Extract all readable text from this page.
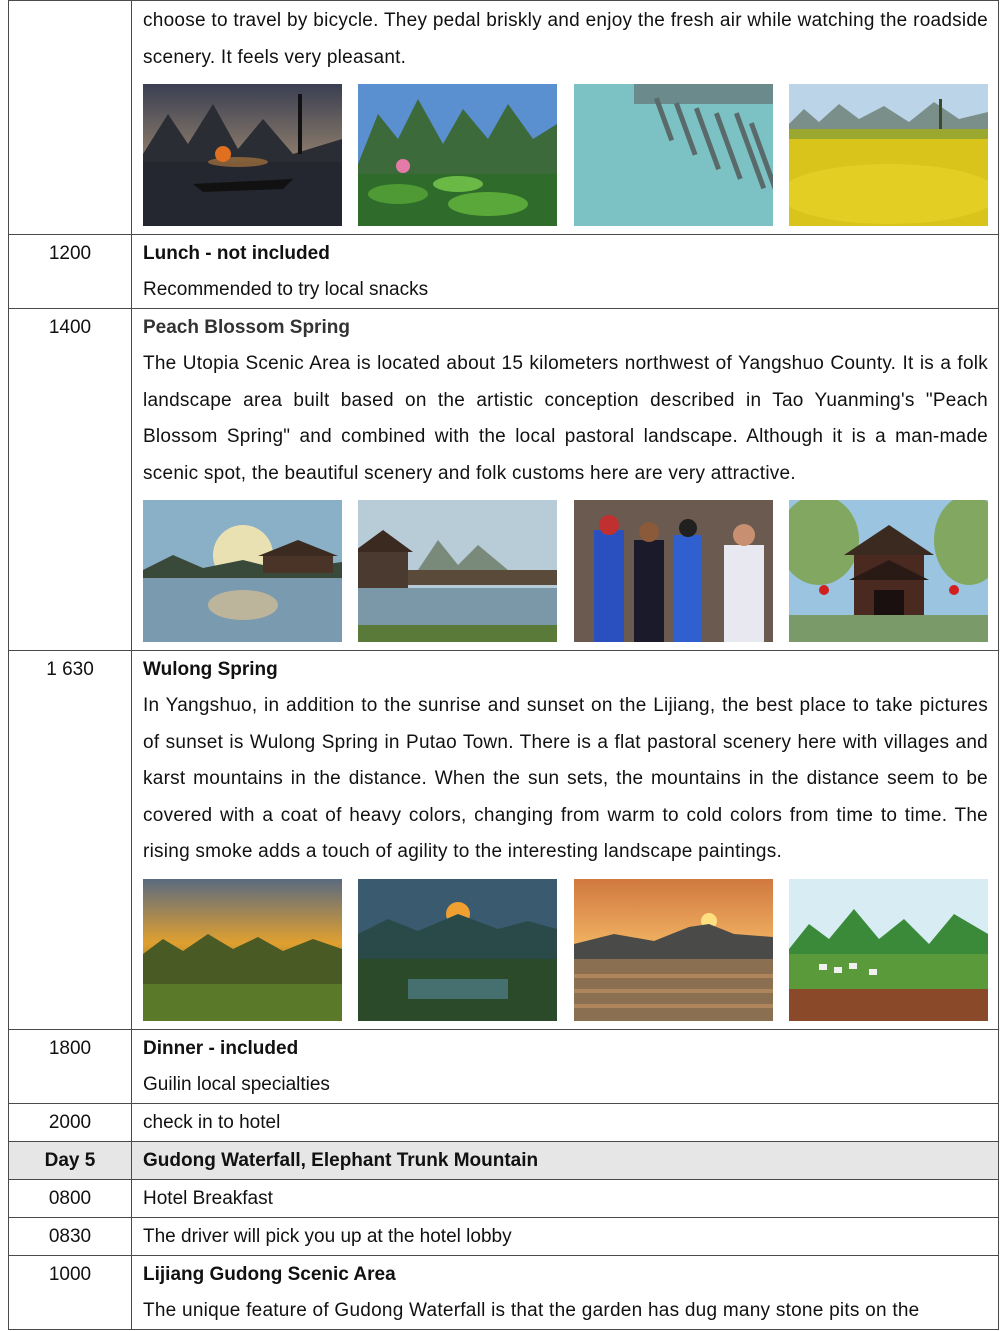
	choose to travel by bicycle. They pedal briskly and enjoy the fresh air while watching the roadside scenery. It feels very pleasant.

1200	Lunch - not included
Recommended to try local snacks

1400	Peach Blossom Spring
The Utopia Scenic Area is located about 15 kilometers northwest of Yangshuo County. It is a folk landscape area built based on the artistic conception described in Tao Yuanming's "Peach Blossom Spring" and combined with the local pastoral landscape. Although it is a man-made scenic spot, the beautiful scenery and folk customs here are very attractive.

1 630	Wulong Spring
In Yangshuo, in addition to the sunrise and sunset on the Lijiang, the best place to take pictures of sunset is Wulong Spring in Putao Town. There is a flat pastoral scenery here with villages and karst mountains in the distance. When the sun sets, the mountains in the distance seem to be covered with a coat of heavy colors, changing from warm to cold colors from time to time. The rising smoke adds a touch of agility to the interesting landscape paintings.

1800	Dinner - included
Guilin local specialties

2000	check in to hotel

Day 5	Gudong Waterfall, Elephant Trunk Mountain

0800	Hotel Breakfast

0830	The driver will pick you up at the hotel lobby

1000	Lijiang Gudong Scenic Area
The unique feature of Gudong Waterfall is that the garden has dug many stone pits on the
